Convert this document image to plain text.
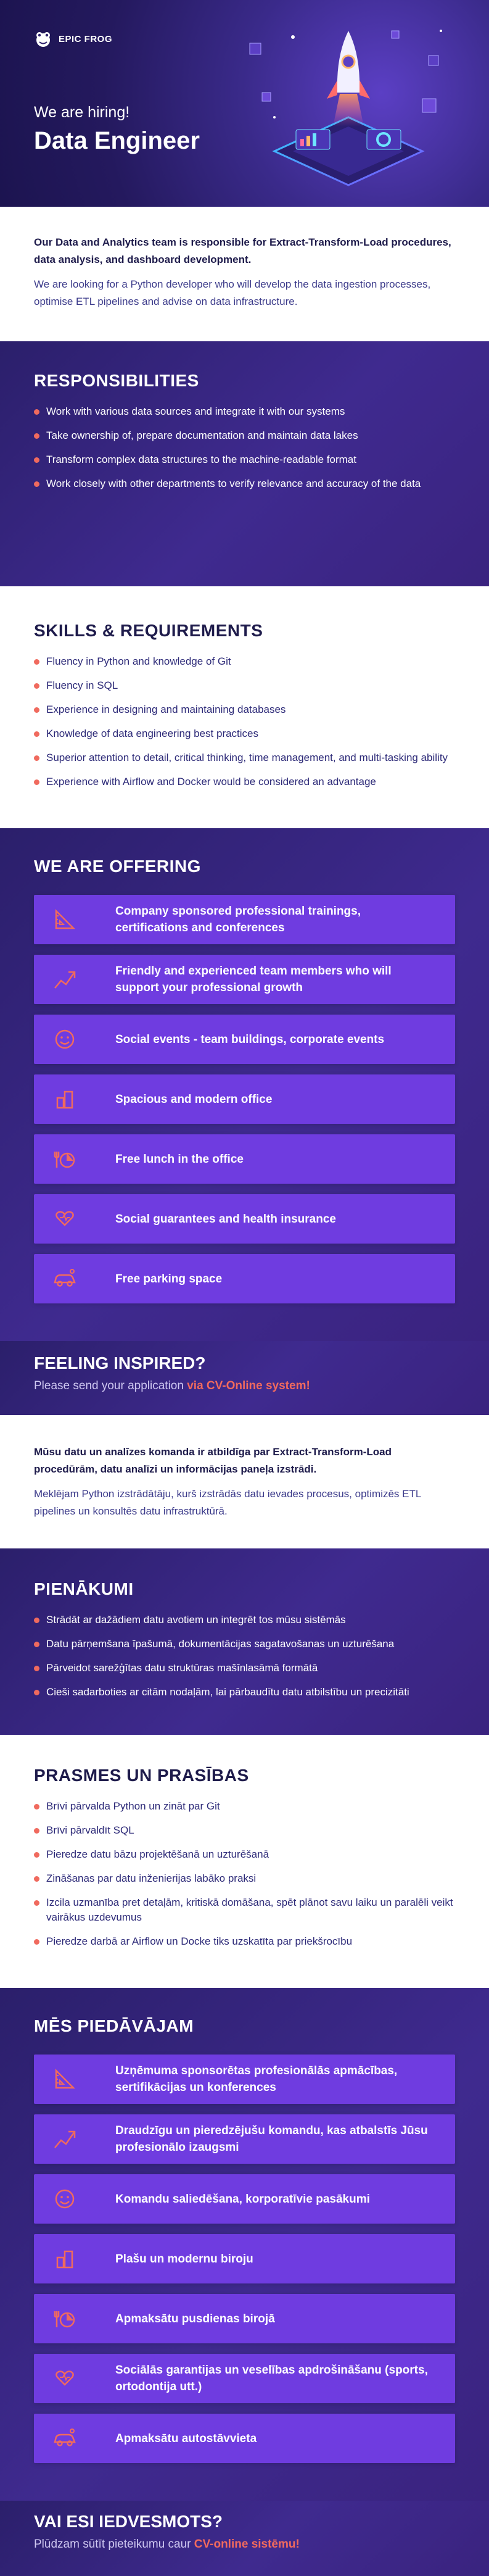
EPIC FROG
We are hiring!
Data Engineer

Our Data and Analytics team is responsible for Extract-Transform-Load procedures, data analysis, and dashboard development.

We are looking for a Python developer who will develop the data ingestion processes, optimise ETL pipelines and advise on data infrastructure.

RESPONSIBILITIES
Work with various data sources and integrate it with our systems
Take ownership of, prepare documentation and maintain data lakes
Transform complex data structures to the machine-readable format
Work closely with other departments to verify relevance and accuracy of the data
SKILLS & REQUIREMENTS
Fluency in Python and knowledge of Git
Fluency in SQL
Experience in designing and maintaining databases
Knowledge of data engineering best practices
Superior attention to detail, critical thinking, time management, and multi-tasking ability
Experience with Airflow and Docker would be considered an advantage
WE ARE OFFERING
Company sponsored professional trainings, certifications and conferences
Friendly and experienced team members who will support your professional growth
Social events - team buildings, corporate events
Spacious and modern office
Free lunch in the office
Social guarantees and health insurance
Free parking space
FEELING INSPIRED?

Please send your application via CV-Online system!

Mūsu datu un analīzes komanda ir atbildīga par Extract-Transform-Load procedūrām, datu analīzi un informācijas paneļa izstrādi.

Meklējam Python izstrādātāju, kurš izstrādās datu ievades procesus, optimizēs ETL pipelines un konsultēs datu infrastruktūrā.

PIENĀKUMI
Strādāt ar dažādiem datu avotiem un integrēt tos mūsu sistēmās
Datu pārņemšana īpašumā, dokumentācijas sagatavošanas un uzturēšana
Pārveidot sarežģītas datu struktūras mašīnlasāmā formātā
Cieši sadarboties ar citām nodaļām, lai pārbaudītu datu atbilstību un precizitāti
PRASMES UN PRASĪBAS
Brīvi pārvalda Python un zināt par Git
Brīvi pārvaldīt SQL
Pieredze datu bāzu projektēšanā un uzturēšanā
Zināšanas par datu inženierijas labāko praksi
Izcila uzmanība pret detaļām, kritiskā domāšana, spēt plānot savu laiku un paralēli veikt vairākus uzdevumus
Pieredze darbā ar Airflow un Docke tiks uzskatīta par priekšrocību
MĒS PIEDĀVĀJAM
Uzņēmuma sponsorētas profesionālās apmācības, sertifikācijas un konferences
Draudzīgu un pieredzējušu komandu, kas atbalstīs Jūsu profesionālo izaugsmi
Komandu saliedēšana, korporatīvie pasākumi
Plašu un modernu biroju
Apmaksātu pusdienas birojā
Sociālās garantijas un veselības apdrošināšanu (sports, ortodontija utt.)
Apmaksātu autostāvvieta
VAI ESI IEDVESMOTS?

Plūdzam sūtīt pieteikumu caur CV-online sistēmu!
